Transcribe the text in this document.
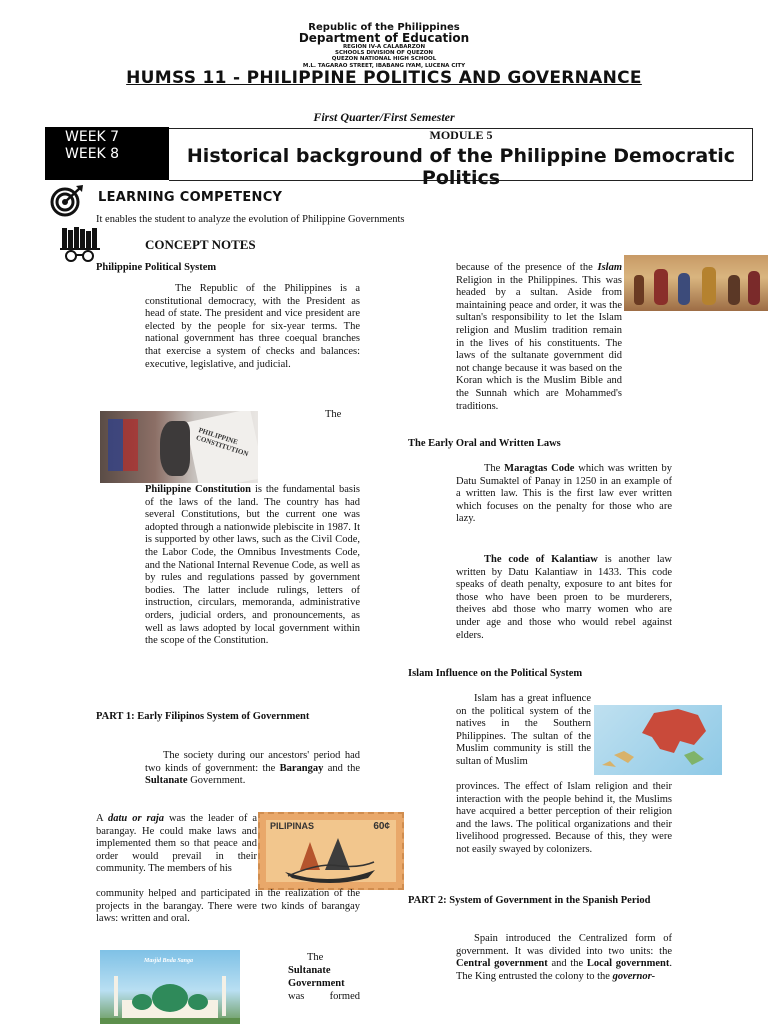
Republic of the Philippines
Department of Education
REGION IV-A CALABARZON
SCHOOLS DIVISION OF QUEZON
QUEZON NATIONAL HIGH SCHOOL
M.L. TAGARAO STREET, IBABANG IYAM, LUCENA CITY
HUMSS 11 - PHILIPPINE POLITICS AND GOVERNANCE
First Quarter/First Semester
WEEK 7
WEEK 8
MODULE 5
Historical background of the Philippine Democratic Politics
LEARNING COMPETENCY
It enables the student to analyze the evolution of Philippine Governments
CONCEPT NOTES
Philippine Political System

The Republic of the Philippines is a constitutional democracy, with the President as head of state. The president and vice president are elected by the people for six-year terms. The national government has three coequal branches that exercise a system of checks and balances: executive, legislative, and judicial.

PHILIPPINE CONSTITUTION
The

Philippine Constitution is the fundamental basis of the laws of the land. The country has had several Constitutions, but the current one was adopted through a nationwide plebiscite in 1987. It is supported by other laws, such as the Civil Code, the Labor Code, the Omnibus Investments Code, and the National Internal Revenue Code, as well as by rules and regulations passed by government bodies. The latter include rulings, letters of instruction, circulars, memoranda, administrative orders, judicial orders, and pronouncements, as well as laws adopted by local government within the scope of the Constitution.

PART 1: Early Filipinos System of Government

The society during our ancestors' period had two kinds of government: the Barangay and the Sultanate Government.

A datu or raja was the leader of a barangay. He could make laws and implemented them so that peace and order would prevail in their community. The members of his

PILIPINAS	60¢

community helped and participated in the realization of the projects in the barangay. There were two kinds of barangay laws: written and oral.

Masjid Bnda Sanga	The
Sultanate Government
was formed

because of the presence of the Islam Religion in the Philippines. This was headed by a sultan. Aside from maintaining peace and order, it was the sultan's responsibility to let the Islam religion and Muslim tradition remain in the lives of his constituents. The laws of the sultanate government did not change because it was based on the Koran which is the Muslim Bible and the Sunnah which are Mohammed's traditions.

The Early Oral and Written Laws

The Maragtas Code which was written by Datu Sumaktel of Panay in 1250 in an example of a written law. This is the first law ever written which focuses on the penalty for those who are lazy.

The code of Kalantiaw is another law written by Datu Kalantiaw in 1433. This code speaks of death penalty, exposure to ant bites for those who have been proen to be murderers, theives abd those who marry women who are under age and those who would rebel against elders.

Islam Influence on the Political System

Islam has a great influence on the political system of the natives in the Southern Philippines. The sultan of the Muslim community is still the sultan of Muslim

provinces. The effect of Islam religion and their interaction with the people behind it, the Muslims have acquired a better perception of their religion and the laws. The political organizations and their livelihood progressed. Because of this, they were not easily swayed by colonizers.

PART 2: System of Government in the Spanish Period

Spain introduced the Centralized form of government. It was divided into two units: the Central government and the Local government. The King entrusted the colony to the governor-
